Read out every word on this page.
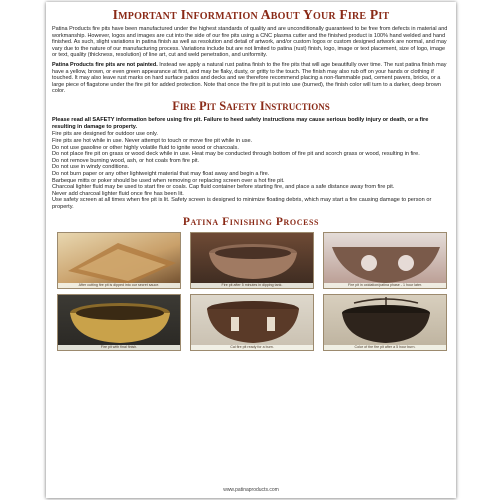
Important Information About Your Fire Pit

Patina Products fire pits have been manufactured under the highest standards of quality and are unconditionally guaranteed to be free from defects in material and workmanship. However, logos and images are cut into the side of our fire pits using a CNC plasma cutter and the finished product is 100% hand welded and hand finished. As such, slight variations in patina finish as well as resolution and detail of artwork, and/or custom logos or custom designed artwork are normal, and may vary due to the nature of our manufacturing process. Variations include but are not limited to patina (rust) finish, logo, image or text placement, size of logo, image or text, quality (thickness, resolution) of line art, cut and weld penetration, and uniformity.

Patina Products fire pits are not painted. Instead we apply a natural rust patina finish to the fire pits that will age beautifully over time. The rust patina finish may have a yellow, brown, or even green appearance at first, and may be flaky, dusty, or gritty to the touch. The finish may also rub off on your hands or clothing if touched. It may also leave rust marks on hard surface patios and decks and we therefore recommend placing a non-flammable pad, cement pavers, bricks, or a large piece of flagstone under the fire pit for added protection. Note that once the fire pit is put into use (burned), the finish color will turn to a darker, deep brown color.

Fire Pit Safety Instructions

Please read all SAFETY information before using fire pit. Failure to heed safety instructions may cause serious bodily injury or death, or a fire resulting in damage to property.

Fire pits are designed for outdoor use only.
Fire pits are hot while in use. Never attempt to touch or move fire pit while in use.
Do not use gasoline or other highly volatile fluid to ignite wood or charcoals.
Do not place fire pit on grass or wood deck while in use. Heat may be conducted through bottom of fire pit and scorch grass or wood, resulting in fire.
Do not remove burning wood, ash, or hot coals from fire pit.
Do not use in windy conditions.
Do not burn paper or any other lightweight material that may float away and begin a fire.
Barbeque mitts or poker should be used when removing or replacing screen over a hot fire pit.
Charcoal lighter fluid may be used to start fire or coals. Cap fluid container before starting fire, and place a safe distance away from fire pit.
Never add charcoal lighter fluid once fire has been lit.
Use safety screen at all times when fire pit is lit. Safety screen is designed to minimize floating debris, which may start a fire causing damage to person or property.
Patina Finishing Process
After cutting fire pit is dipped into our secret sauce.	Fire pit after 5 minutes in dipping tank.	Fire pit in oxidation/patina phase - 1 hour later.
Fire pit with final finish.	Cal fire pit ready for a burn.	Color of the fire pit after a 5 hour burn.
www.patinaproducts.com
